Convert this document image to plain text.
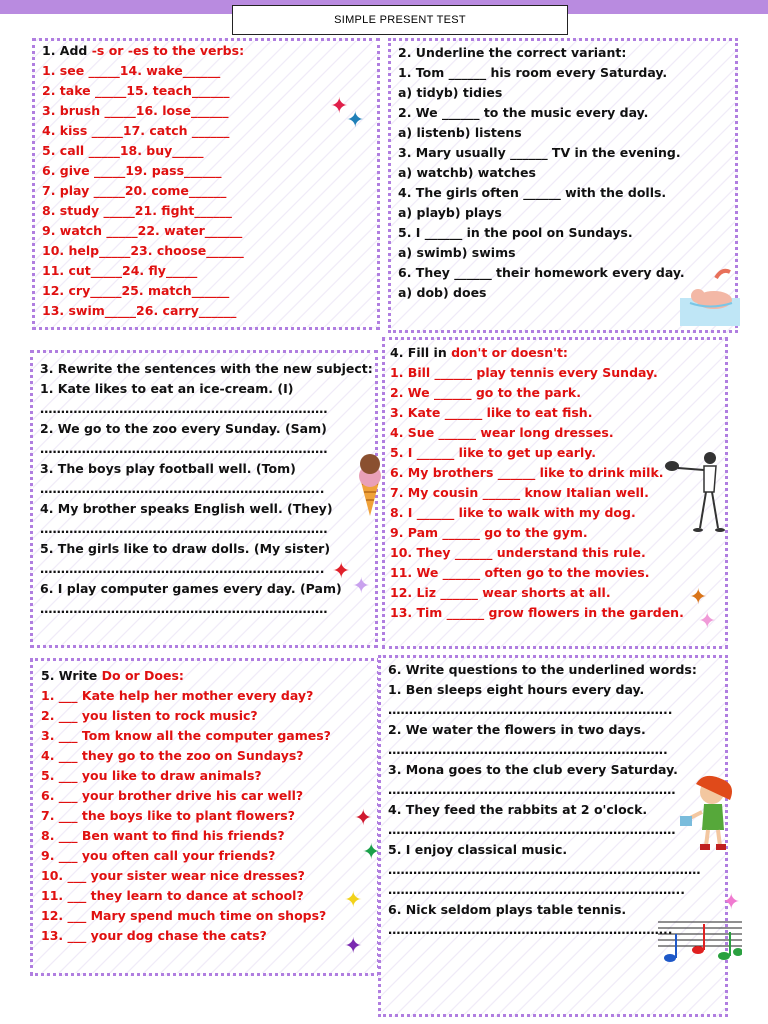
SIMPLE PRESENT TEST
1. Add -s or -es to the verbs:
1. see _____14. wake______
2. take _____15. teach______
3. brush _____16. lose______
4. kiss _____17. catch ______
5. call _____18. buy_____
6. give _____19. pass______
7. play _____20. come______
8. study _____21. fight______
9. watch _____22. water______
10. help_____23. choose______
11. cut_____24. fly_____
12. cry_____25. match______
13. swim_____26. carry______
2. Underline the correct variant:
1. Tom ______ his room every Saturday.
a) tidyb) tidies
2. We ______ to the music every day.
a) listenb) listens
3. Mary usually ______ TV in the evening.
a) watchb) watches
4. The girls often ______ with the dolls.
a) playb) plays
5. I ______ in the pool on Sundays.
a) swimb) swims
6. They ______ their homework every day.
a) dob) does
3. Rewrite the sentences with the new subject:
1. Kate likes to eat an ice-cream. (I)
……………………………………………………………
2. We go to the zoo every Sunday. (Sam)
……………………………………………………………
3. The boys play football well. (Tom)
…………………………………………………………..
4. My brother speaks English well. (They)
……………………………………………………………
5. The girls like to draw dolls. (My sister)
…………………………………………………………..
6. I play computer games every day. (Pam)
……………………………………………………………
4. Fill in don't or doesn't:
1. Bill ______ play tennis every Sunday.
2. We ______ go to the park.
3. Kate ______ like to eat fish.
4. Sue ______ wear long dresses.
5. I ______ like to get up early.
6. My brothers ______ like to drink milk.
7. My cousin ______ know Italian well.
8. I ______ like to walk with my dog.
9. Pam ______ go to the gym.
10. They ______ understand this rule.
11. We ______ often go to the movies.
12. Liz ______ wear shorts at all.
13. Tim ______ grow flowers in the garden.
5. Write Do or Does:
1. ___ Kate help her mother every day?
2. ___ you listen to rock music?
3. ___ Tom know all the computer games?
4. ___ they go to the zoo on Sundays?
5. ___ you like to draw animals?
6. ___ your brother drive his car well?
7. ___ the boys like to plant flowers?
8. ___ Ben want to find his friends?
9. ___ you often call your friends?
10. ___ your sister wear nice dresses?
11. ___ they learn to dance at school?
12. ___ Mary spend much time on shops?
13. ___ your dog chase the cats?
6. Write questions to the underlined words:
1. Ben sleeps eight hours every day.
…………………………………………………………..
2. We water the flowers in two days.
………………………………………………………….
3. Mona goes to the club every Saturday.
……………………………………………………………
4. They feed the rabbits at 2 o'clock.
……………………………………………………………
5. I enjoy classical music.
…………………………………………………………………
……………………………………………………………..
6. Nick seldom plays table tennis.
…………………………………………………………..
✦
✦
✦
✦	✦
✦
✦
✦
✦
✦
✦
